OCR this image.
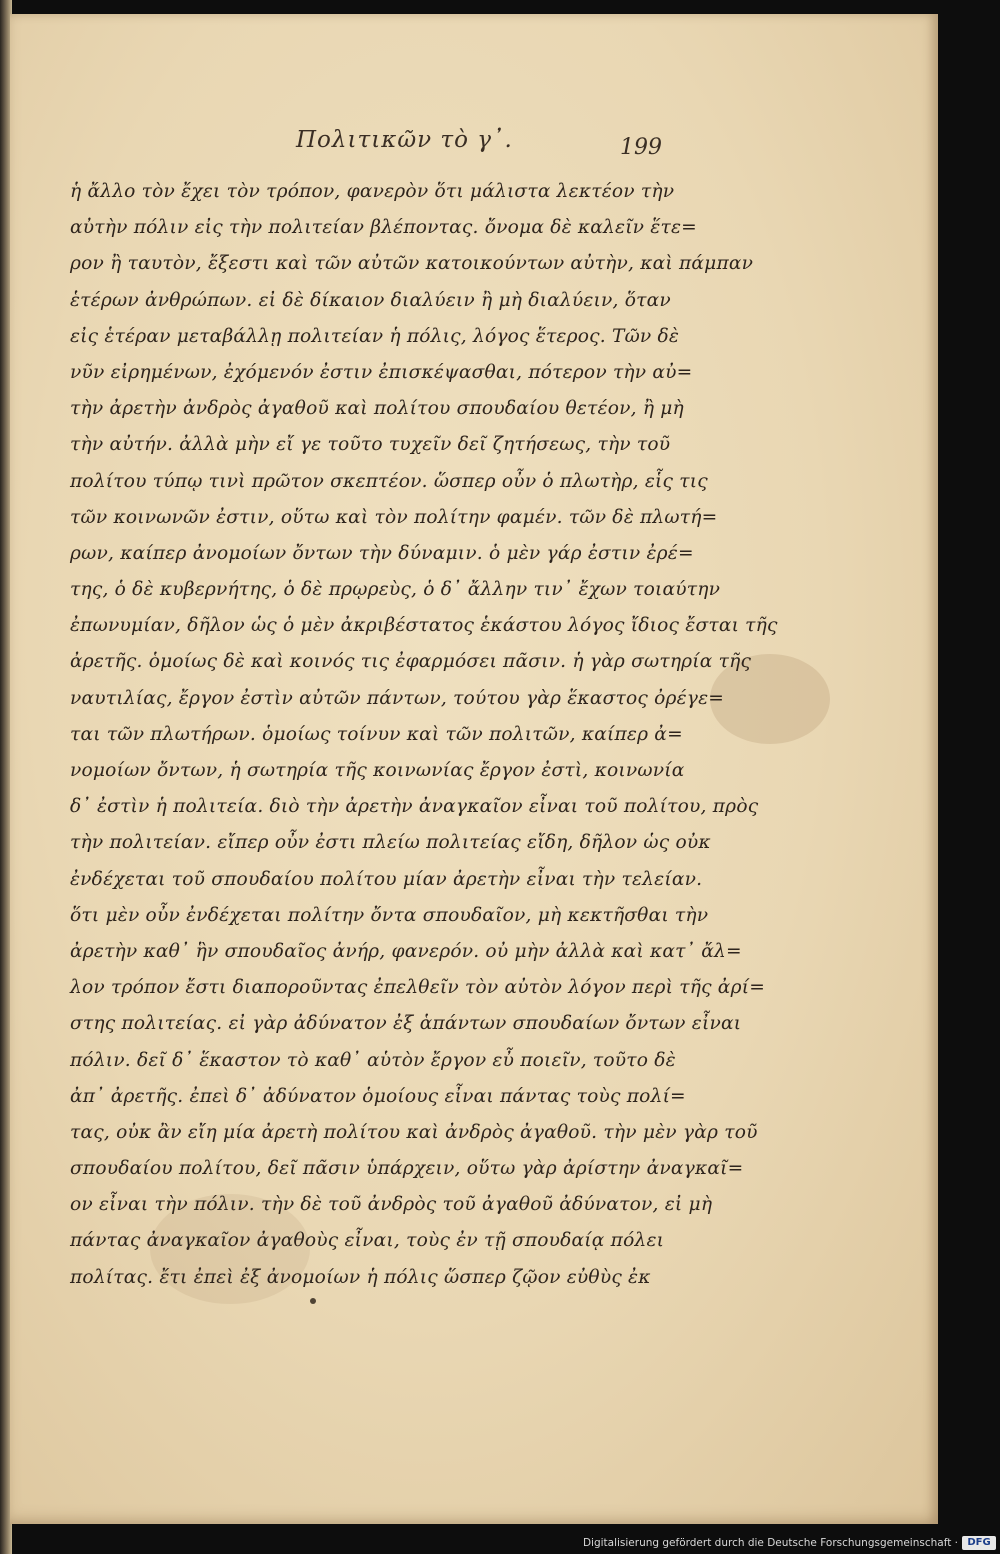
Πολιτικῶν τὸ γ᾿.	199
ἡ ἄλλο τὸν ἔχει τὸν τρόπον, φανερὸν ὅτι μάλιστα λεκτέον τὴν
αὐτὴν πόλιν εἰς τὴν πολιτείαν βλέποντας. ὄνομα δὲ καλεῖν ἕτε=
ρον ἢ ταυτὸν, ἔξεστι καὶ τῶν αὐτῶν κατοικούντων αὐτὴν, καὶ πάμπαν
ἑτέρων ἀνθρώπων. εἰ δὲ δίκαιον διαλύειν ἢ μὴ διαλύειν, ὅταν
εἰς ἑτέραν μεταβάλλῃ πολιτείαν ἡ πόλις, λόγος ἕτερος. Τῶν δὲ
νῦν εἰρημένων, ἐχόμενόν ἐστιν ἐπισκέψασθαι, πότερον τὴν αὐ=
τὴν ἀρετὴν ἀνδρὸς ἀγαθοῦ καὶ πολίτου σπουδαίου θετέον, ἢ μὴ
τὴν αὐτήν. ἀλλὰ μὴν εἴ γε τοῦτο τυχεῖν δεῖ ζητήσεως, τὴν τοῦ
πολίτου τύπῳ τινὶ πρῶτον σκεπτέον. ὥσπερ οὖν ὁ πλωτὴρ, εἷς τις
τῶν κοινωνῶν ἐστιν, οὕτω καὶ τὸν πολίτην φαμέν. τῶν δὲ πλωτή=
ρων, καίπερ ἀνομοίων ὄντων τὴν δύναμιν. ὁ μὲν γάρ ἐστιν ἐρέ=
της, ὁ δὲ κυβερνήτης, ὁ δὲ πρῳρεὺς, ὁ δ᾿ ἄλλην τιν᾿ ἔχων τοιαύτην
ἐπωνυμίαν, δῆλον ὡς ὁ μὲν ἀκριβέστατος ἑκάστου λόγος ἴδιος ἔσται τῆς
ἀρετῆς. ὁμοίως δὲ καὶ κοινός τις ἐφαρμόσει πᾶσιν. ἡ γὰρ σωτηρία τῆς
ναυτιλίας, ἔργον ἐστὶν αὐτῶν πάντων, τούτου γὰρ ἕκαστος ὀρέγε=
ται τῶν πλωτήρων. ὁμοίως τοίνυν καὶ τῶν πολιτῶν, καίπερ ἀ=
νομοίων ὄντων, ἡ σωτηρία τῆς κοινωνίας ἔργον ἐστὶ, κοινωνία
δ᾿ ἐστὶν ἡ πολιτεία. διὸ τὴν ἀρετὴν ἀναγκαῖον εἶναι τοῦ πολίτου, πρὸς
τὴν πολιτείαν. εἴπερ οὖν ἐστι πλείω πολιτείας εἴδη, δῆλον ὡς οὐκ
ἐνδέχεται τοῦ σπουδαίου πολίτου μίαν ἀρετὴν εἶναι τὴν τελείαν.
ὅτι μὲν οὖν ἐνδέχεται πολίτην ὄντα σπουδαῖον, μὴ κεκτῆσθαι τὴν
ἀρετὴν καθ᾿ ἣν σπουδαῖος ἀνήρ, φανερόν. οὐ μὴν ἀλλὰ καὶ κατ᾿ ἄλ=
λον τρόπον ἔστι διαποροῦντας ἐπελθεῖν τὸν αὐτὸν λόγον περὶ τῆς ἀρί=
στης πολιτείας. εἰ γὰρ ἀδύνατον ἐξ ἁπάντων σπουδαίων ὄντων εἶναι
πόλιν. δεῖ δ᾿ ἕκαστον τὸ καθ᾿ αὑτὸν ἔργον εὖ ποιεῖν, τοῦτο δὲ
ἀπ᾿ ἀρετῆς. ἐπεὶ δ᾿ ἀδύνατον ὁμοίους εἶναι πάντας τοὺς πολί=
τας, οὐκ ἂν εἴη μία ἀρετὴ πολίτου καὶ ἀνδρὸς ἀγαθοῦ. τὴν μὲν γὰρ τοῦ
σπουδαίου πολίτου, δεῖ πᾶσιν ὑπάρχειν, οὕτω γὰρ ἀρίστην ἀναγκαῖ=
ον εἶναι τὴν πόλιν. τὴν δὲ τοῦ ἀνδρὸς τοῦ ἀγαθοῦ ἀδύνατον, εἰ μὴ
πάντας ἀναγκαῖον ἀγαθοὺς εἶναι, τοὺς ἐν τῇ σπουδαίᾳ πόλει
πολίτας. ἔτι ἐπεὶ ἐξ ἀνομοίων ἡ πόλις ὥσπερ ζῷον εὐθὺς ἐκ
Digitalisierung gefördert durch die Deutsche Forschungsgemeinschaft · DFG
